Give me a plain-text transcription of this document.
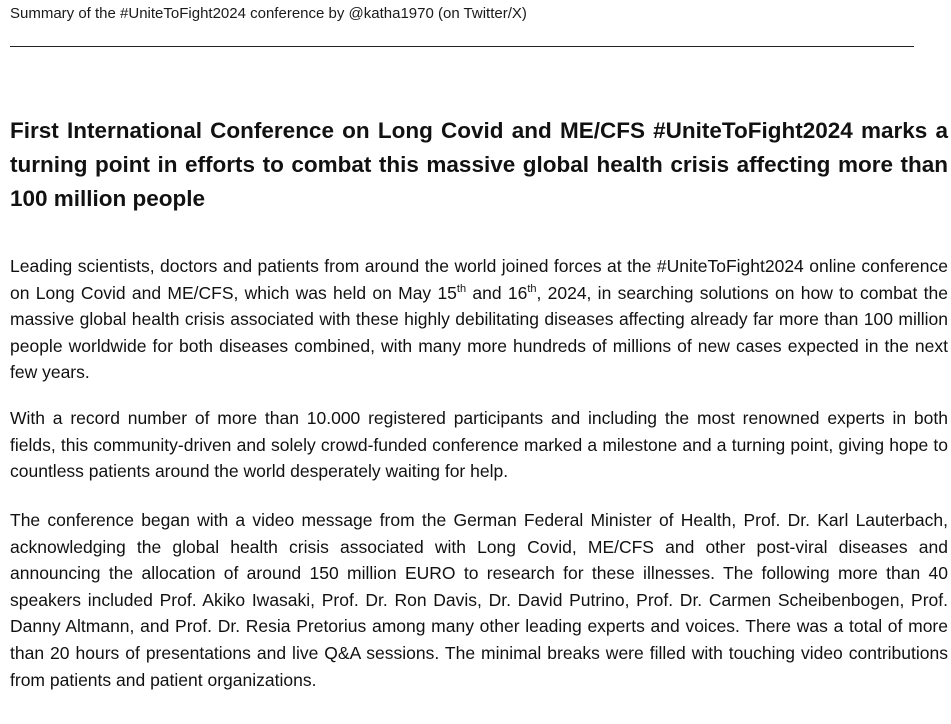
Summary of the #UniteToFight2024 conference by @katha1970 (on Twitter/X)
First International Conference on Long Covid and ME/CFS #UniteToFight2024 marks a turning point in efforts to combat this massive global health crisis affecting more than 100 million people

Leading scientists, doctors and patients from around the world joined forces at the #UniteToFight2024 online conference on Long Covid and ME/CFS, which was held on May 15th and 16th, 2024, in searching solutions on how to combat the massive global health crisis associated with these highly debilitating diseases affecting already far more than 100 million people worldwide for both diseases combined, with many more hundreds of millions of new cases expected in the next few years.

With a record number of more than 10.000 registered participants and including the most renowned experts in both fields, this community-driven and solely crowd-funded conference marked a milestone and a turning point, giving hope to countless patients around the world desperately waiting for help.

The conference began with a video message from the German Federal Minister of Health, Prof. Dr. Karl Lauterbach, acknowledging the global health crisis associated with Long Covid, ME/CFS and other post-viral diseases and announcing the allocation of around 150 million EURO to research for these illnesses. The following more than 40 speakers included Prof. Akiko Iwasaki, Prof. Dr. Ron Davis, Dr. David Putrino, Prof. Dr. Carmen Scheibenbogen, Prof. Danny Altmann, and Prof. Dr. Resia Pretorius among many other leading experts and voices. There was a total of more than 20 hours of presentations and live Q&A sessions. The minimal breaks were filled with touching video contributions from patients and patient organizations.
